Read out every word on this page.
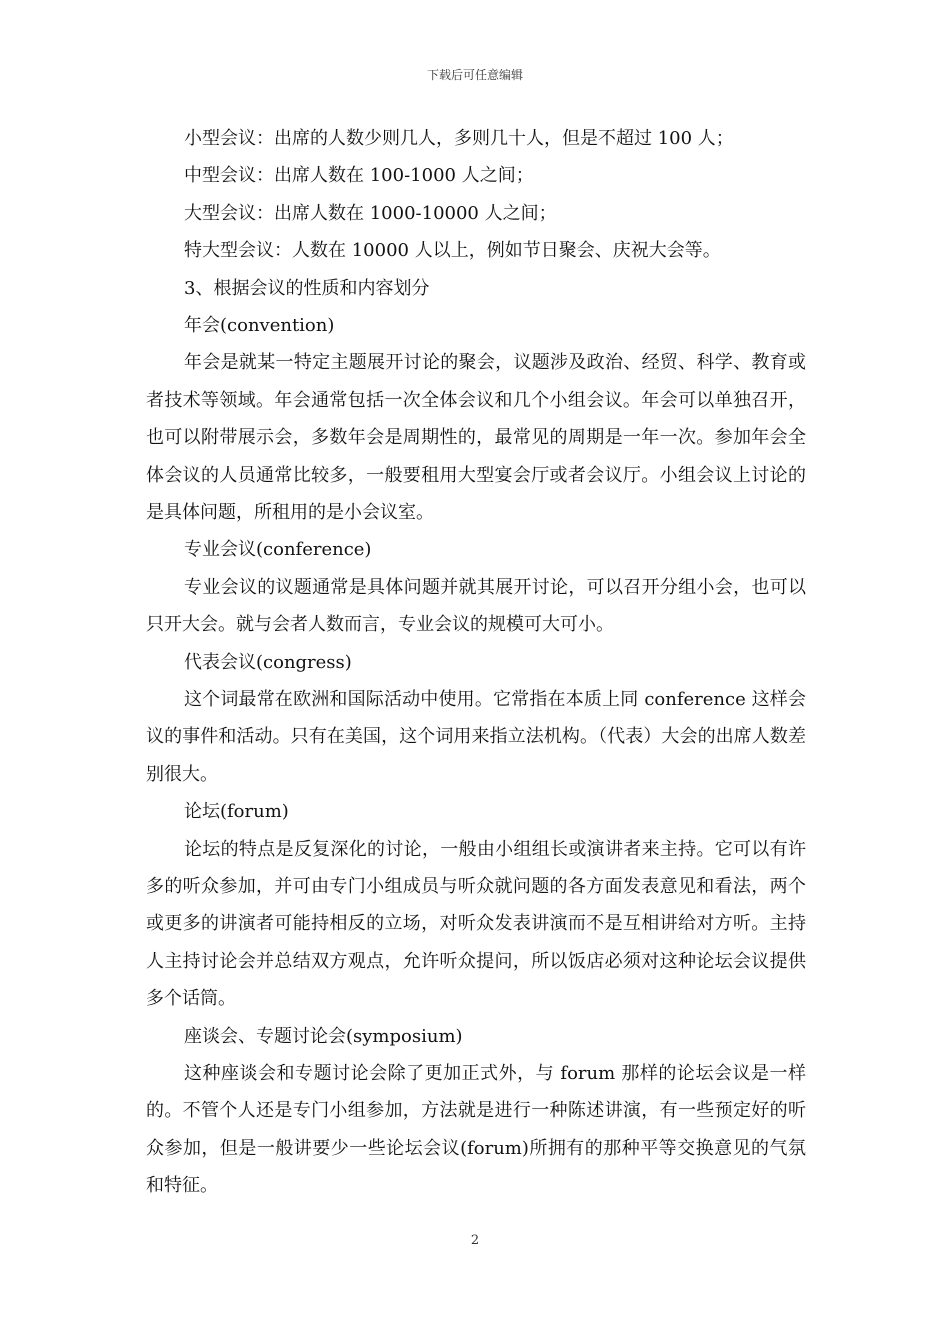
下载后可任意编辑
小型会议：出席的人数少则几人，多则几十人，但是不超过 100 人；
中型会议：出席人数在 100-1000 人之间；
大型会议：出席人数在 1000-10000 人之间；
特大型会议：人数在 10000 人以上，例如节日聚会、庆祝大会等。
3、根据会议的性质和内容划分
年会(convention)

年会是就某一特定主题展开讨论的聚会，议题涉及政治、经贸、科学、教育或者技术等领域。年会通常包括一次全体会议和几个小组会议。年会可以单独召开，也可以附带展示会，多数年会是周期性的，最常见的周期是一年一次。参加年会全体会议的人员通常比较多，一般要租用大型宴会厅或者会议厅。小组会议上讨论的是具体问题，所租用的是小会议室。

专业会议(conference)

专业会议的议题通常是具体问题并就其展开讨论，可以召开分组小会，也可以只开大会。就与会者人数而言，专业会议的规模可大可小。

代表会议(congress)

这个词最常在欧洲和国际活动中使用。它常指在本质上同 conference 这样会议的事件和活动。只有在美国，这个词用来指立法机构。（代表）大会的出席人数差别很大。

论坛(forum)

论坛的特点是反复深化的讨论，一般由小组组长或演讲者来主持。它可以有许多的听众参加，并可由专门小组成员与听众就问题的各方面发表意见和看法，两个或更多的讲演者可能持相反的立场，对听众发表讲演而不是互相讲给对方听。主持人主持讨论会并总结双方观点，允许听众提问，所以饭店必须对这种论坛会议提供多个话筒。

座谈会、专题讨论会(symposium)

这种座谈会和专题讨论会除了更加正式外，与 forum 那样的论坛会议是一样的。不管个人还是专门小组参加，方法就是进行一种陈述讲演，有一些预定好的听众参加，但是一般讲要少一些论坛会议(forum)所拥有的那种平等交换意见的气氛和特征。

2
